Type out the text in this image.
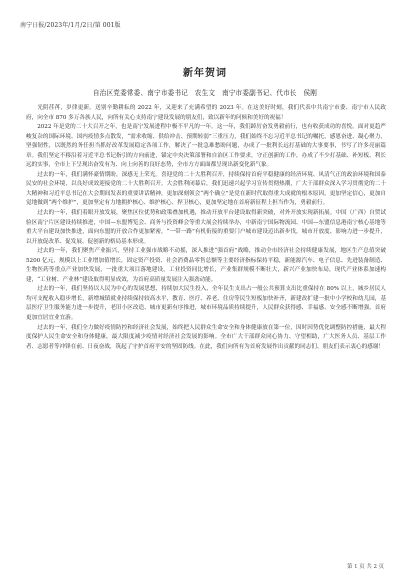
南宁日报/2023年/1月/2日/第 001版
新年贺词
自治区党委常委、南宁市委书记　农生文　南宁市委副书记、代市长　侯刚

光阴荏苒，岁律更新。送别辛勤耕耘的 2022 年，又迎来了充满希望的 2023 年。在这美好时刻，我们代表中共南宁市委、南宁市人民政府，向全市 870 多万各族人民，向所有关心支持南宁建设发展的朋友们，致以新年的问候和美好的祝福！

2022 年是党的二十大召开之年，也是南宁发展进程中极不平凡的一年。这一年，我们踔厉奋发勇毅前行，也有收获成功的喜悦。面对更趋严峻复杂的国际环境、国内疫情多点散发，“需求收缩、供给冲击、预期转弱”三重压力，我们始终不忘习近平总书记的嘱托，感恩奋进、凝心聚力，坚强韧性，以既然的务任担当抓好改革发展稳定各项工作，解决了一批急难愁盼问题，办成了一批利长远打基础的大事要事，书写了许多亮丽篇章。我们坚定不移沿着习近平总书记指引的方向前进，锚定中央决策部署和自治区工作要求，守正创新的工作，办成了不少打基础、补短板、利长远的实事，全市上下呈现出奋发有为、向上向善的良好态势，全市方方面面都呈现出新变化新气象。

过去的一年，我们满怀豪情期盼，深感无上荣光。喜迎党的二十大胜利召开，持续保持首府平稳健康的经济环境、风清气正的政治环境和国泰民安的社会环境，以良好成效迎接党的二十大胜利召开。大会胜利闭幕后，我们迅速兴起学习宣传贯彻热潮，广大干部群众深入学习贯彻党的二十大精神和习近平总书记在大会期间发表的重要讲话精神，更加深刻领会“两个确立”是党在新时代取得重大成就的根本原因，更加坚定信心，更加自觉地做到“两个维护”，更加坚定有力地拥护核心、维护核心、捍卫核心，更加坚定地在首府新征程上担当作为，勇毅前行。

过去的一年，我们着眼开放发展，聚焦区位优势和政策叠加机遇，推动开放平台建设取得新突破，对外开放实现新拓展。中国（广西）自贸试验区南宁片区建设持续推进，中国—东盟博览会、商务与投资峰会等重大展会持续举办，中新南宁国际物流园、中国—东盟信息港南宁核心基地等重大平台建设加快推进，面向东盟的开放合作更加紧密，“一带一路”有机衔接的重要门户城市建设迈出新步伐，城市开放度、影响力进一步提升，以开放促改革、促发展、促创新的格局基本形成。

过去的一年，我们聚焦产业振兴，坚持工业强市战略不动摇，深入推进“强首府”战略，推动全市经济社会持续健康发展，地区生产总值突破 5200 亿元，规模以上工业增加值增长，固定资产投资、社会消费品零售总额等主要经济指标保持平稳，新能源汽车、电子信息、先进装备制造、生物医药等重点产业加快发展，一批重大项目落地建设，工业投资同比增长，产业集群规模不断壮大，新兴产业加快布局，现代产业体系加速构建，“工业树、产业林”建设取得明显成效，为首府高质量发展注入强劲动能。

过去的一年，我们坚持以人民为中心的发展思想，持续加大民生投入，全年民生支出占一般公共预算支出比重保持在 80% 以上，城乡居民人均可支配收入稳步增长，新增城镇就业持续保持较高水平，教育、医疗、养老、住房等民生短板加快补齐，新建改扩建一批中小学校和幼儿园，基层医疗卫生服务能力进一步提升，老旧小区改造、城市更新有序推进，城市环境品质持续提升，人民群众获得感、幸福感、安全感不断增强，首府更加宜居宜业宜游。

过去的一年，我们全力做好疫情防控和经济社会发展，始终把人民群众生命安全和身体健康放在第一位，因时因势优化调整防控措施，最大程度保护人民生命安全和身体健康，最大限度减少疫情对经济社会发展的影响。全市广大干部群众同心协力、守望相助，广大医务人员、基层工作者、志愿者等冲锋在前、日夜奋战，筑起了守护首府平安的坚固防线。在此，我们向所有为首府发展作出贡献的同志们、朋友们表示衷心的感谢！

第 1 页 共 2 页
